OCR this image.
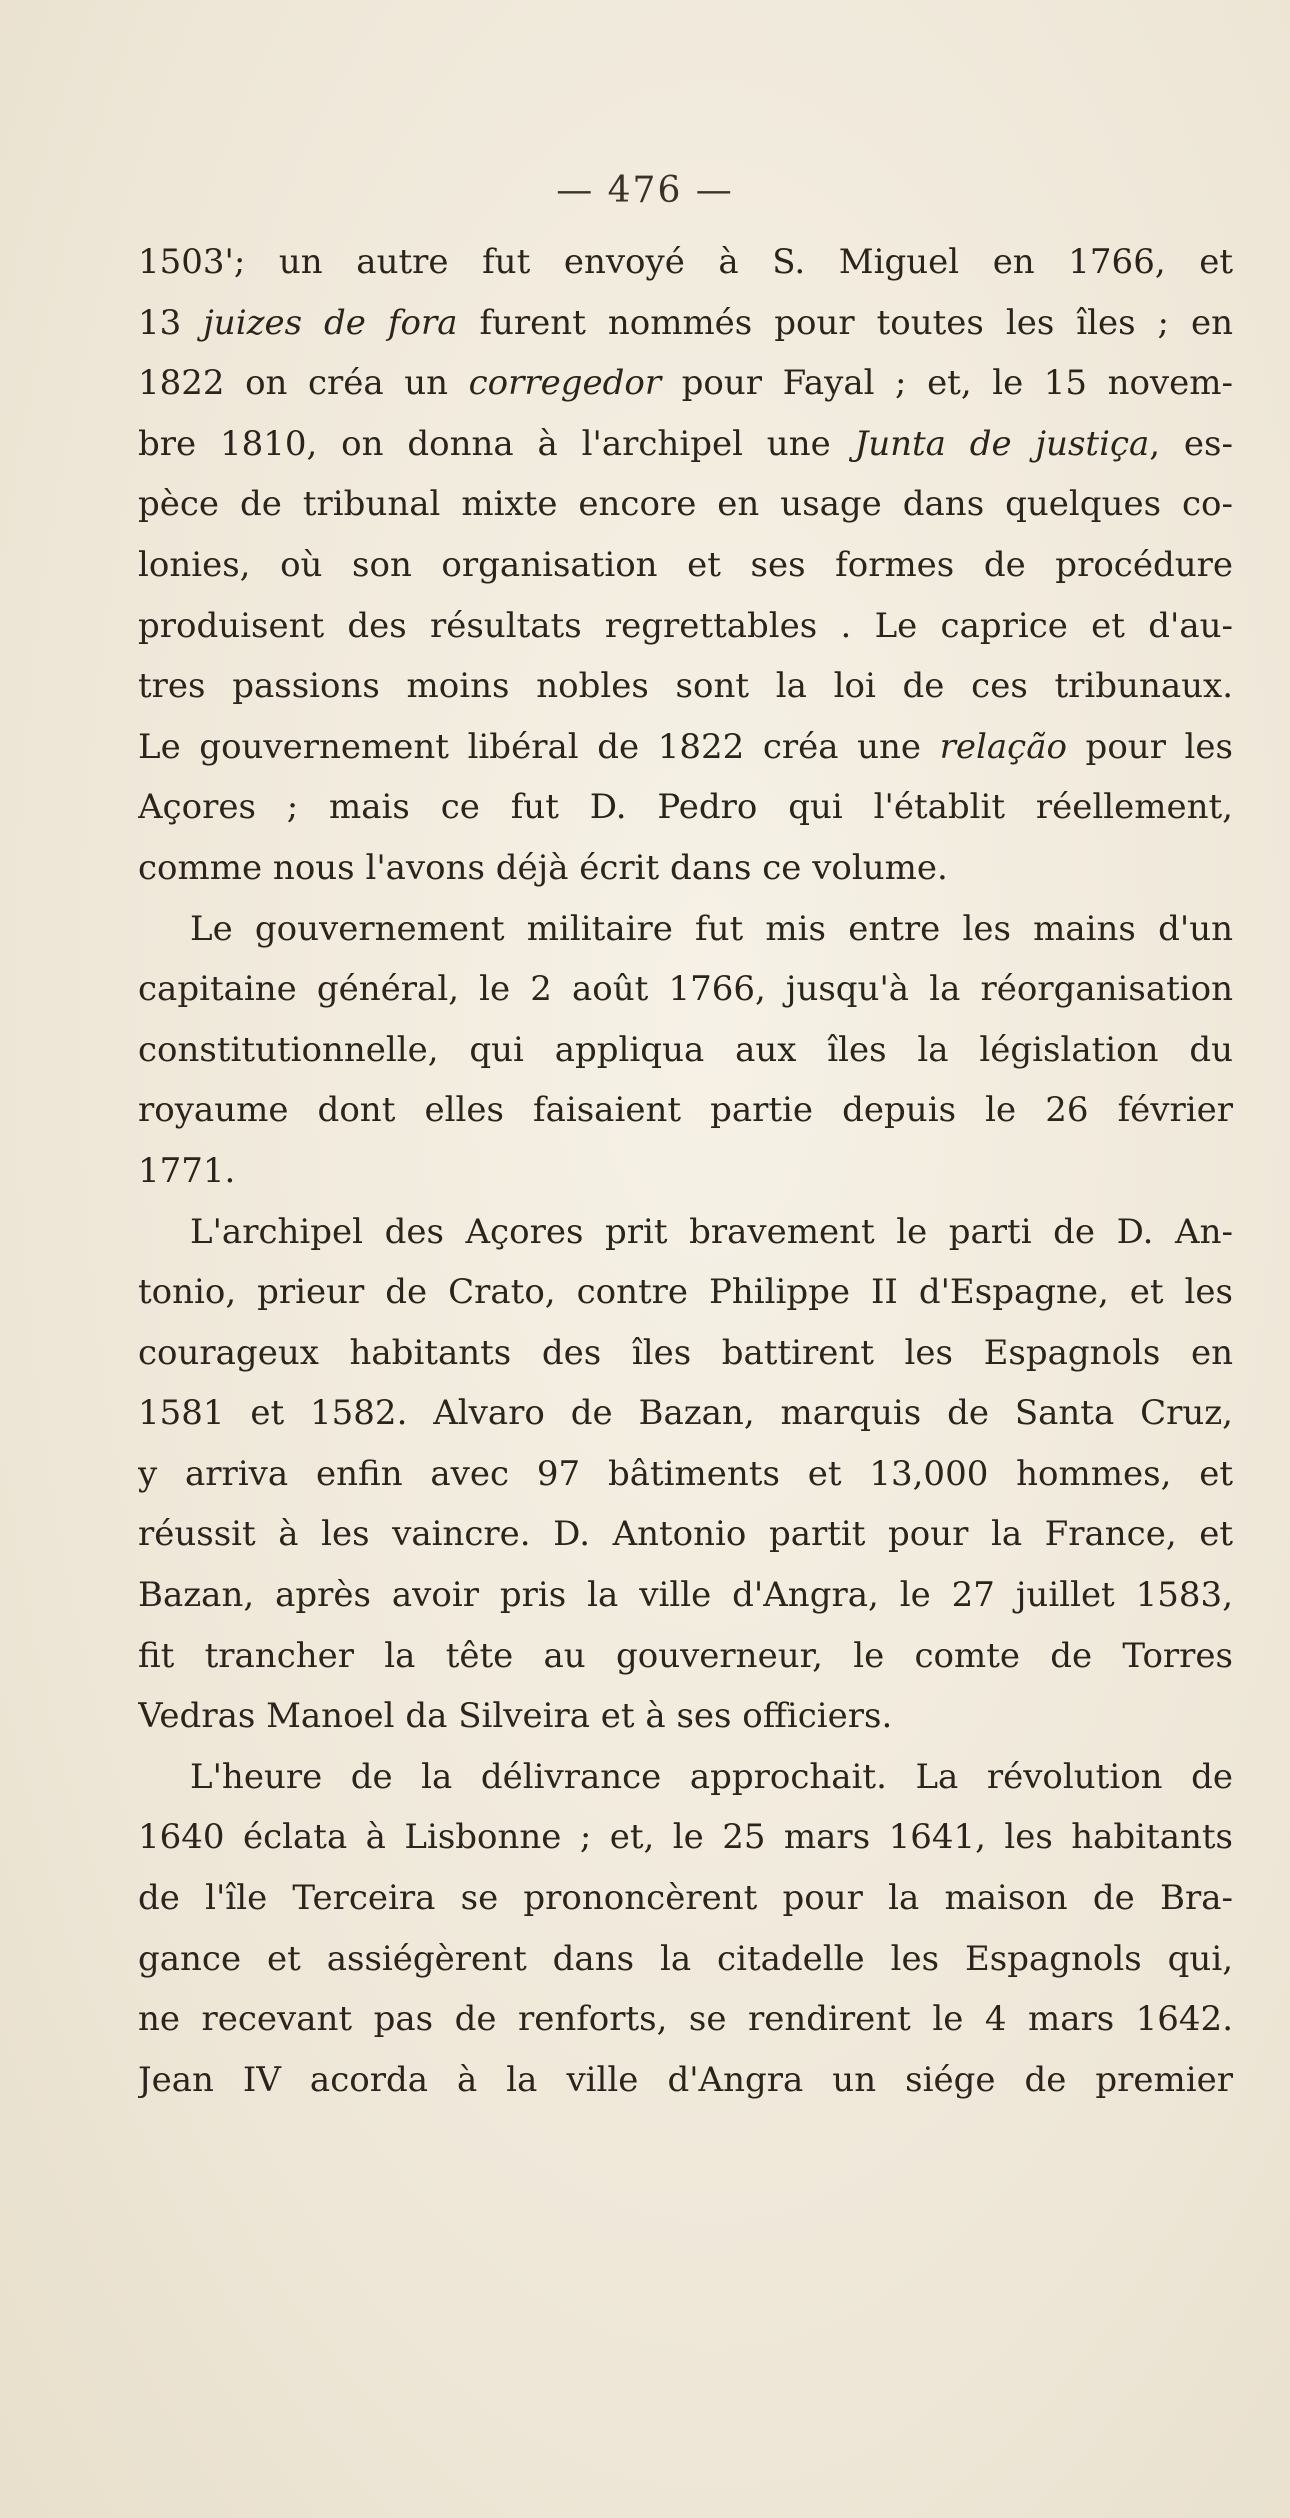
— 476 —
1503'; un autre fut envoyé à S. Miguel en 1766, et
13 juizes de fora furent nommés pour toutes les îles ; en
1822 on créa un corregedor pour Fayal ; et, le 15 novem-
bre 1810, on donna à l'archipel une Junta de justiça, es-
pèce de tribunal mixte encore en usage dans quelques co-
lonies, où son organisation et ses formes de procédure
produisent des résultats regrettables . Le caprice et d'au-
tres passions moins nobles sont la loi de ces tribunaux.
Le gouvernement libéral de 1822 créa une relação pour les
Açores ; mais ce fut D. Pedro qui l'établit réellement,
comme nous l'avons déjà écrit dans ce volume.
Le gouvernement militaire fut mis entre les mains d'un
capitaine général, le 2 août 1766, jusqu'à la réorganisation
constitutionnelle, qui appliqua aux îles la législation du
royaume dont elles faisaient partie depuis le 26 février
1771.
L'archipel des Açores prit bravement le parti de D. An-
tonio, prieur de Crato, contre Philippe II d'Espagne, et les
courageux habitants des îles battirent les Espagnols en
1581 et 1582. Alvaro de Bazan, marquis de Santa Cruz,
y arriva enfin avec 97 bâtiments et 13,000 hommes, et
réussit à les vaincre. D. Antonio partit pour la France, et
Bazan, après avoir pris la ville d'Angra, le 27 juillet 1583,
fit trancher la tête au gouverneur, le comte de Torres
Vedras Manoel da Silveira et à ses officiers.
L'heure de la délivrance approchait. La révolution de
1640 éclata à Lisbonne ; et, le 25 mars 1641, les habitants
de l'île Terceira se prononcèrent pour la maison de Bra-
gance et assiégèrent dans la citadelle les Espagnols qui,
ne recevant pas de renforts, se rendirent le 4 mars 1642.
Jean IV acorda à la ville d'Angra un siége de premier
